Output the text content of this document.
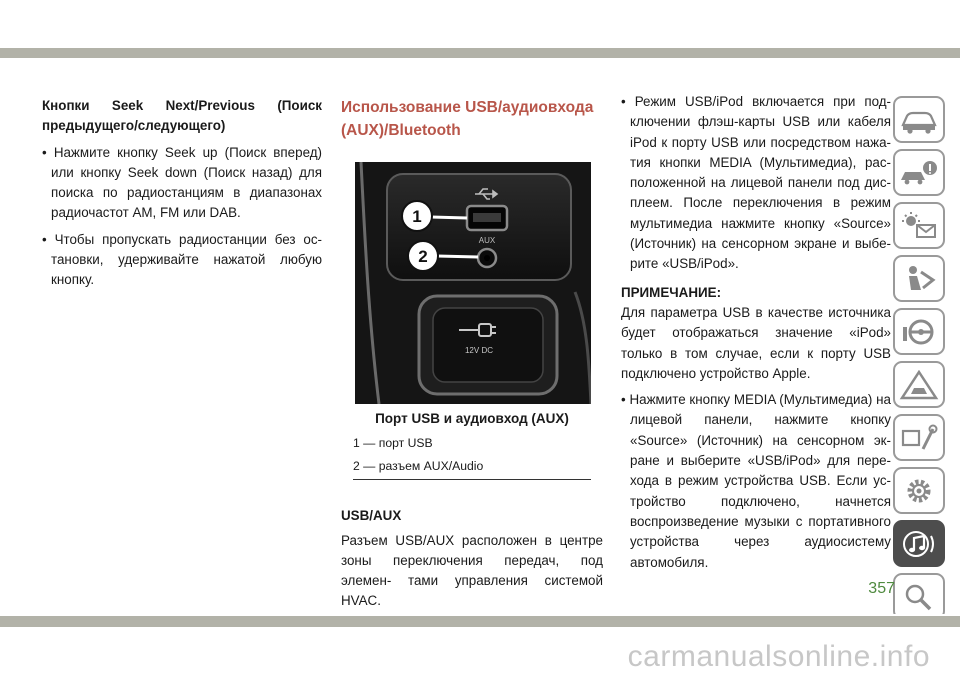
Кнопки Seek Next/Previous (Поиск предыдущего/следующего)

• Нажмите кнопку Seek up (Поиск вперед) или кнопку Seek down (Поиск назад) для поиска по радиостанциям в диапазонах радиочастот AM, FM или DAB.

• Чтобы пропускать радиостанции без ос- тановки, удерживайте нажатой любую кнопку.

Использование USB/аудиовхода (AUX)/Bluetooth

AUX
1
2
12V DC

Порт USB и аудиовход (AUX)

1 — порт USB

2 — разъем AUX/Audio

USB/AUX

Разъем USB/AUX расположен в центре зоны переключения передач, под элемен- тами управления системой HVAC.

• Режим USB/iPod включается при под- ключении флэш-карты USB или кабеля iPod к порту USB или посредством нажа- тия кнопки MEDIA (Мультимедиа), рас- положенной на лицевой панели под дис- плеем. После переключения в режим мультимедиа нажмите кнопку «Source» (Источник) на сенсорном экране и выбе- рите «USB/iPod».

ПРИМЕЧАНИЕ:

Для параметра USB в качестве источника будет отображаться значение «iPod» только в том случае, если к порту USB подключено устройство Apple.

• Нажмите кнопку MEDIA (Мультимедиа) на лицевой панели, нажмите кнопку «Source» (Источник) на сенсорном эк- ране и выберите «USB/iPod» для пере- хода в режим устройства USB. Если ус- тройство подключено, начнется воспроизведение музыки с портативного устройства через аудиосистему автомобиля.

357
carmanualsonline.info
